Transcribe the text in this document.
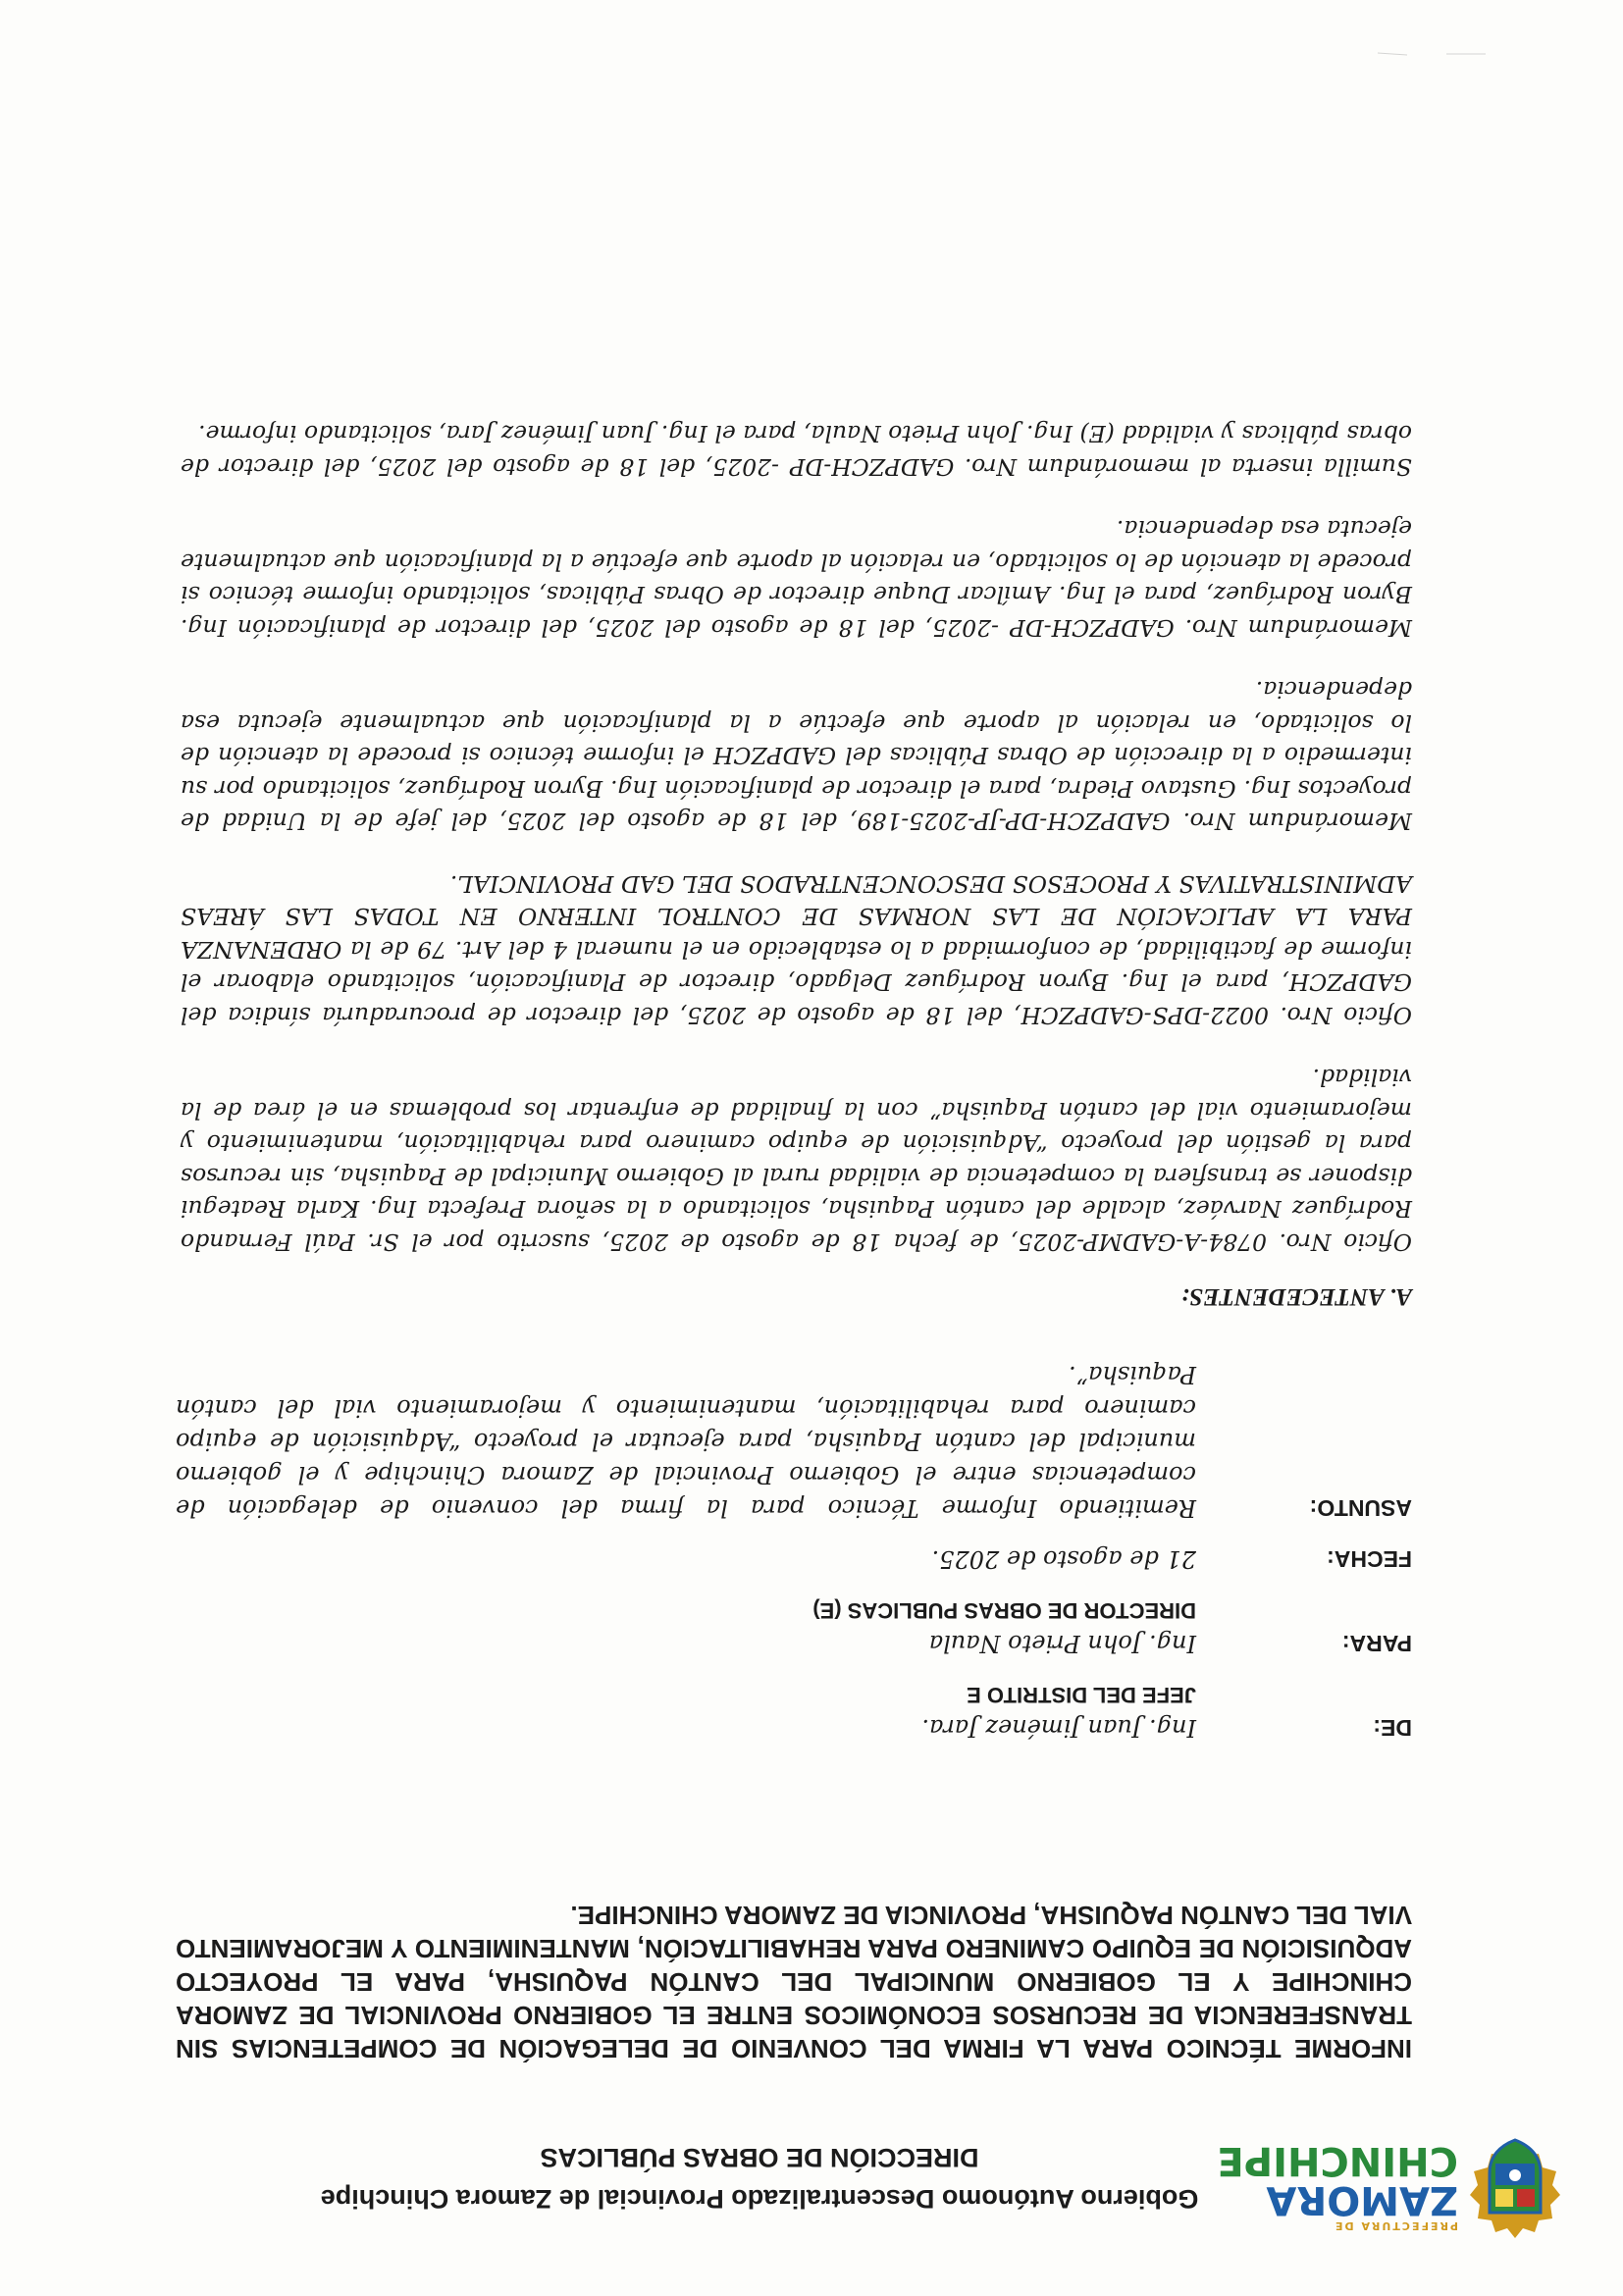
PREFECTURA DE
ZAMORA
CHINCHIPE
Gobierno Autónomo Descentralizado Provincial de Zamora Chinchipe
DIRECCIÓN DE OBRAS PÚBLICAS
INFORME TÉCNICO PARA LA FIRMA DEL CONVENIO DE DELEGACIÓN DE COMPETENCIAS SIN TRANSFERENCIA DE RECURSOS ECONÓMICOS ENTRE EL GOBIERNO PROVINCIAL DE ZAMORA CHINCHIPE Y EL GOBIERNO MUNICIPAL DEL CANTÓN PAQUISHA, PARA EL PROYECTO ADQUISICIÓN DE EQUIPO CAMINERO PARA REHABILITACIÓN, MANTENIMIENTO Y MEJORAMIENTO VIAL DEL CANTÓN PAQUISHA, PROVINCIA DE ZAMORA CHINCHIPE.
DE:
Ing. Juan Jiménez Jara.
JEFE DEL DISTRITO E
PARA:
Ing. John Prieto Naula
DIRECTOR DE OBRAS PUBLICAS (E)
FECHA:
21 de agosto de 2025.
ASUNTO:
Remitiendo Informe Técnico para la firma del convenio de delegación de competencias entre el Gobierno Provincial de Zamora Chinchipe y el gobierno municipal del cantón Paquisha, para ejecutar el proyecto “Adquisición de equipo caminero para rehabilitación, mantenimiento y mejoramiento vial del cantón Paquisha”.
A. ANTECEDENTES:

Oficio Nro. 0784-A-GADMP-2025, de fecha 18 de agosto de 2025, suscrito por el Sr. Paúl Fernando Rodríguez Narváez, alcalde del cantón Paquisha, solicitando a la señora Prefecta Ing. Karla Reategui disponer se transfiera la competencia de vialidad rural al Gobierno Municipal de Paquisha, sin recursos para la gestión del proyecto “Adquisición de equipo caminero para rehabilitación, mantenimiento y mejoramiento vial del cantón Paquisha” con la finalidad de enfrentar los problemas en el área de la vialidad.

Oficio Nro. 0022-DPS-GADPZCH, del 18 de agosto de 2025, del director de procuraduría síndica del GADPZCH, para el Ing. Byron Rodríguez Delgado, director de Planificación, solicitando elaborar el informe de factibilidad, de conformidad a lo establecido en el numeral 4 del Art. 79 de la ORDENANZA PARA LA APLICACIÓN DE LAS NORMAS DE CONTROL INTERNO EN TODAS LAS ÁREAS ADMINISTRATIVAS Y PROCESOS DESCONCENTRADOS DEL GAD PROVINCIAL.

Memorándum Nro. GADPZCH-DP-JP-2025-189, del 18 de agosto del 2025, del jefe de la Unidad de proyectos Ing. Gustavo Piedra, para el director de planificación Ing. Byron Rodríguez, solicitando por su intermedio a la dirección de Obras Públicas del GADPZCH el informe técnico si procede la atención de lo solicitado, en relación al aporte que efectúe a la planificación que actualmente ejecuta esa dependencia.

Memorándum Nro. GADPZCH-DP -2025, del 18 de agosto del 2025, del director de planificación Ing. Byron Rodríguez, para el Ing. Amílcar Duque director de Obras Públicas, solicitando informe técnico si procede la atención de lo solicitado, en relación al aporte que efectúe a la planificación que actualmente ejecuta esa dependencia.

Sumilla inserta al memorándum Nro. GADPZCH-DP -2025, del 18 de agosto del 2025, del director de obras públicas y vialidad (E) Ing. John Prieto Naula, para el Ing. Juan Jiménez Jara, solicitando informe.
